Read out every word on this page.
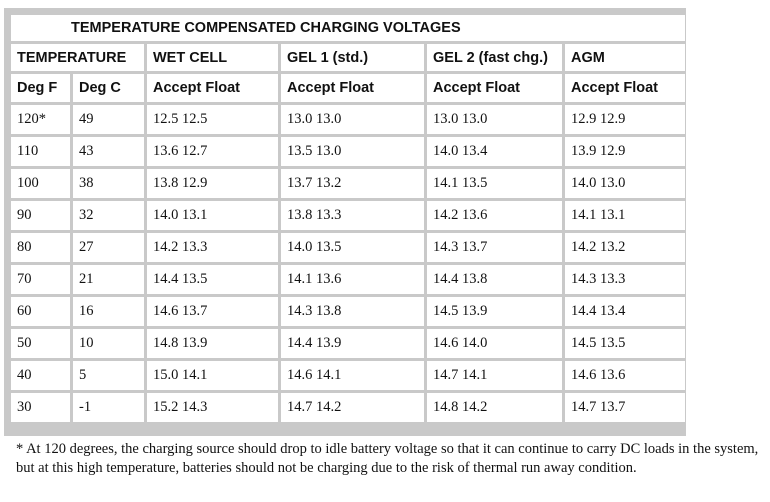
TEMPERATURE COMPENSATED CHARGING VOLTAGES					
TEMPERATURE		WET CELL	GEL 1 (std.)	GEL 2 (fast chg.)	AGM
Deg F	Deg C	Accept Float	Accept Float	Accept Float	Accept Float
120*	49	12.5 12.5	13.0 13.0	13.0 13.0	12.9 12.9
110	43	13.6 12.7	13.5 13.0	14.0 13.4	13.9 12.9
100	38	13.8 12.9	13.7 13.2	14.1 13.5	14.0 13.0
90	32	14.0 13.1	13.8 13.3	14.2 13.6	14.1 13.1
80	27	14.2 13.3	14.0 13.5	14.3 13.7	14.2 13.2
70	21	14.4 13.5	14.1 13.6	14.4 13.8	14.3 13.3
60	16	14.6 13.7	14.3 13.8	14.5 13.9	14.4 13.4
50	10	14.8 13.9	14.4 13.9	14.6 14.0	14.5 13.5
40	5	15.0 14.1	14.6 14.1	14.7 14.1	14.6 13.6
30	-1	15.2 14.3	14.7 14.2	14.8 14.2	14.7 13.7
* At 120 degrees, the charging source should drop to idle battery voltage so that it can continue to carry DC loads in the system, but at this high temperature, batteries should not be charging due to the risk of thermal run away condition.
